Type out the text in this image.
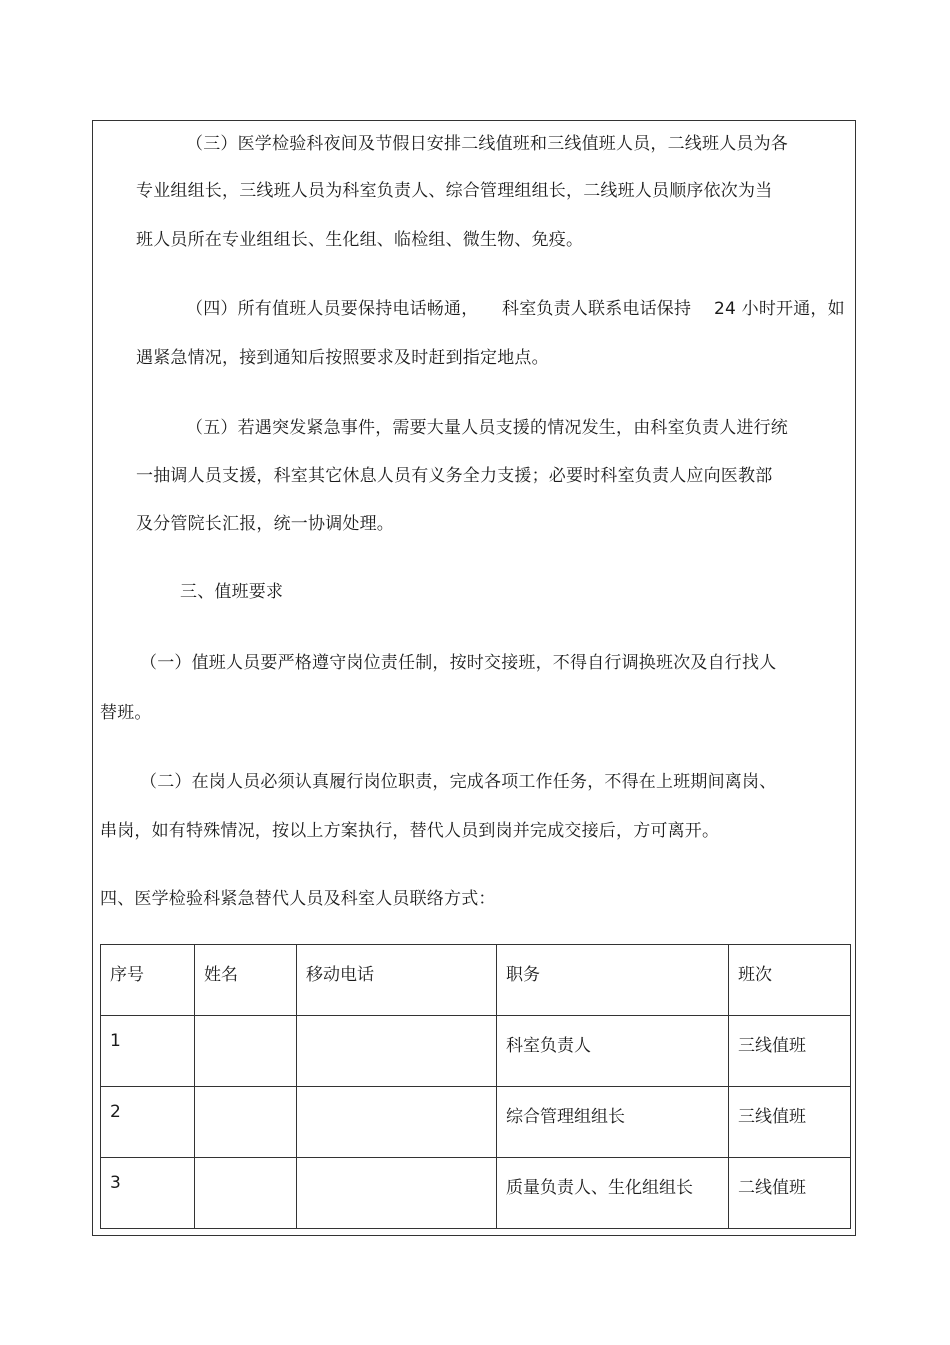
（三）医学检验科夜间及节假日安排二线值班和三线值班人员，二线班人员为各
专业组组长，三线班人员为科室负责人、综合管理组组长，二线班人员顺序依次为当
班人员所在专业组组长、生化组、临检组、微生物、免疫。
（四）所有值班人员要保持电话畅通， 科室负责人联系电话保持 24 小时开通，如
遇紧急情况，接到通知后按照要求及时赶到指定地点。
（五）若遇突发紧急事件，需要大量人员支援的情况发生，由科室负责人进行统
一抽调人员支援，科室其它休息人员有义务全力支援；必要时科室负责人应向医教部
及分管院长汇报，统一协调处理。
三、值班要求
（一）值班人员要严格遵守岗位责任制，按时交接班，不得自行调换班次及自行找人
替班。
（二）在岗人员必须认真履行岗位职责，完成各项工作任务，不得在上班期间离岗、
串岗，如有特殊情况，按以上方案执行，替代人员到岗并完成交接后，方可离开。
四、医学检验科紧急替代人员及科室人员联络方式：
序号	姓名	移动电话	职务	班次
1			科室负责人	三线值班
2			综合管理组组长	三线值班
3			质量负责人、生化组组长	二线值班
